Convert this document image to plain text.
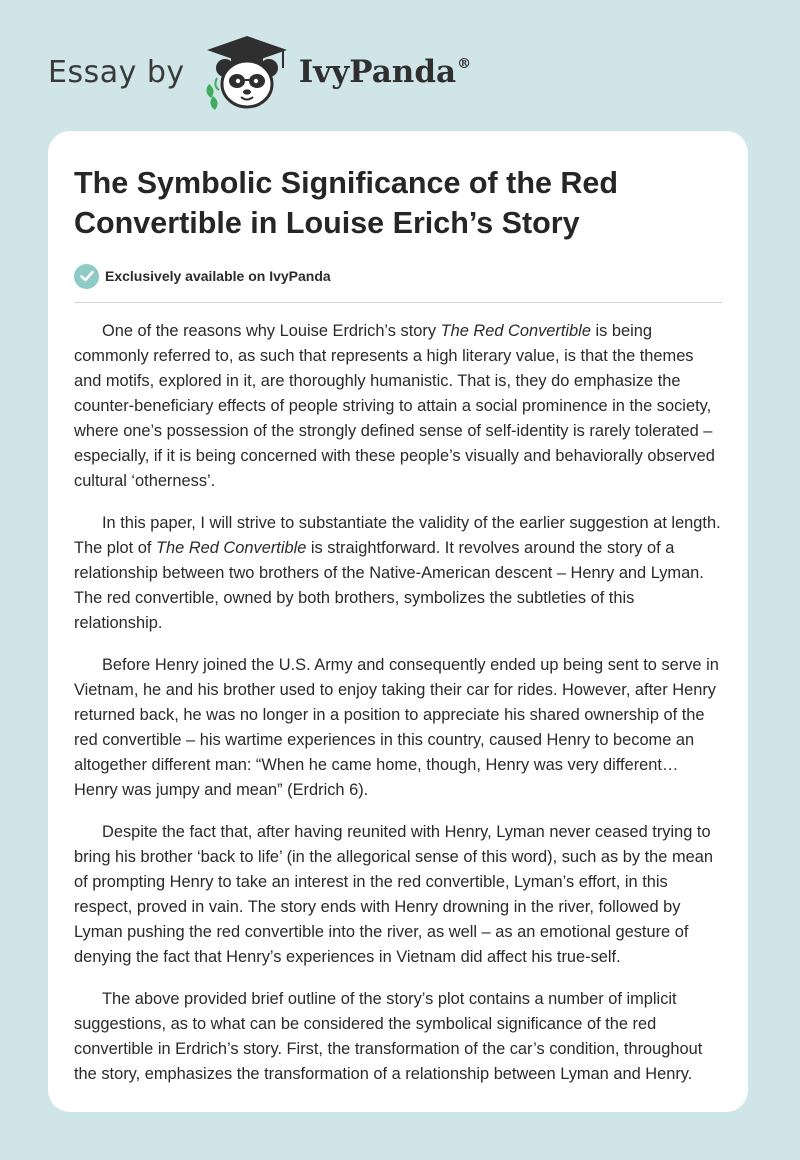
Essay by	IvyPanda®
The Symbolic Significance of the Red Convertible in Louise Erich’s Story
Exclusively available on IvyPanda

One of the reasons why Louise Erdrich’s story The Red Convertible is being commonly referred to, as such that represents a high literary value, is that the themes and motifs, explored in it, are thoroughly humanistic. That is, they do emphasize the counter-beneficiary effects of people striving to attain a social prominence in the society, where one’s possession of the strongly defined sense of self-identity is rarely tolerated – especially, if it is being concerned with these people’s visually and behaviorally observed cultural ‘otherness’.

In this paper, I will strive to substantiate the validity of the earlier suggestion at length. The plot of The Red Convertible is straightforward. It revolves around the story of a relationship between two brothers of the Native-American descent – Henry and Lyman. The red convertible, owned by both brothers, symbolizes the subtleties of this relationship.

Before Henry joined the U.S. Army and consequently ended up being sent to serve in Vietnam, he and his brother used to enjoy taking their car for rides. However, after Henry returned back, he was no longer in a position to appreciate his shared ownership of the red convertible – his wartime experiences in this country, caused Henry to become an altogether different man: “When he came home, though, Henry was very different… Henry was jumpy and mean” (Erdrich 6).

Despite the fact that, after having reunited with Henry, Lyman never ceased trying to bring his brother ‘back to life’ (in the allegorical sense of this word), such as by the mean of prompting Henry to take an interest in the red convertible, Lyman’s effort, in this respect, proved in vain. The story ends with Henry drowning in the river, followed by Lyman pushing the red convertible into the river, as well – as an emotional gesture of denying the fact that Henry’s experiences in Vietnam did affect his true-self.

The above provided brief outline of the story’s plot contains a number of implicit suggestions, as to what can be considered the symbolical significance of the red convertible in Erdrich’s story. First, the transformation of the car’s condition, throughout the story, emphasizes the transformation of a relationship between Lyman and Henry.
